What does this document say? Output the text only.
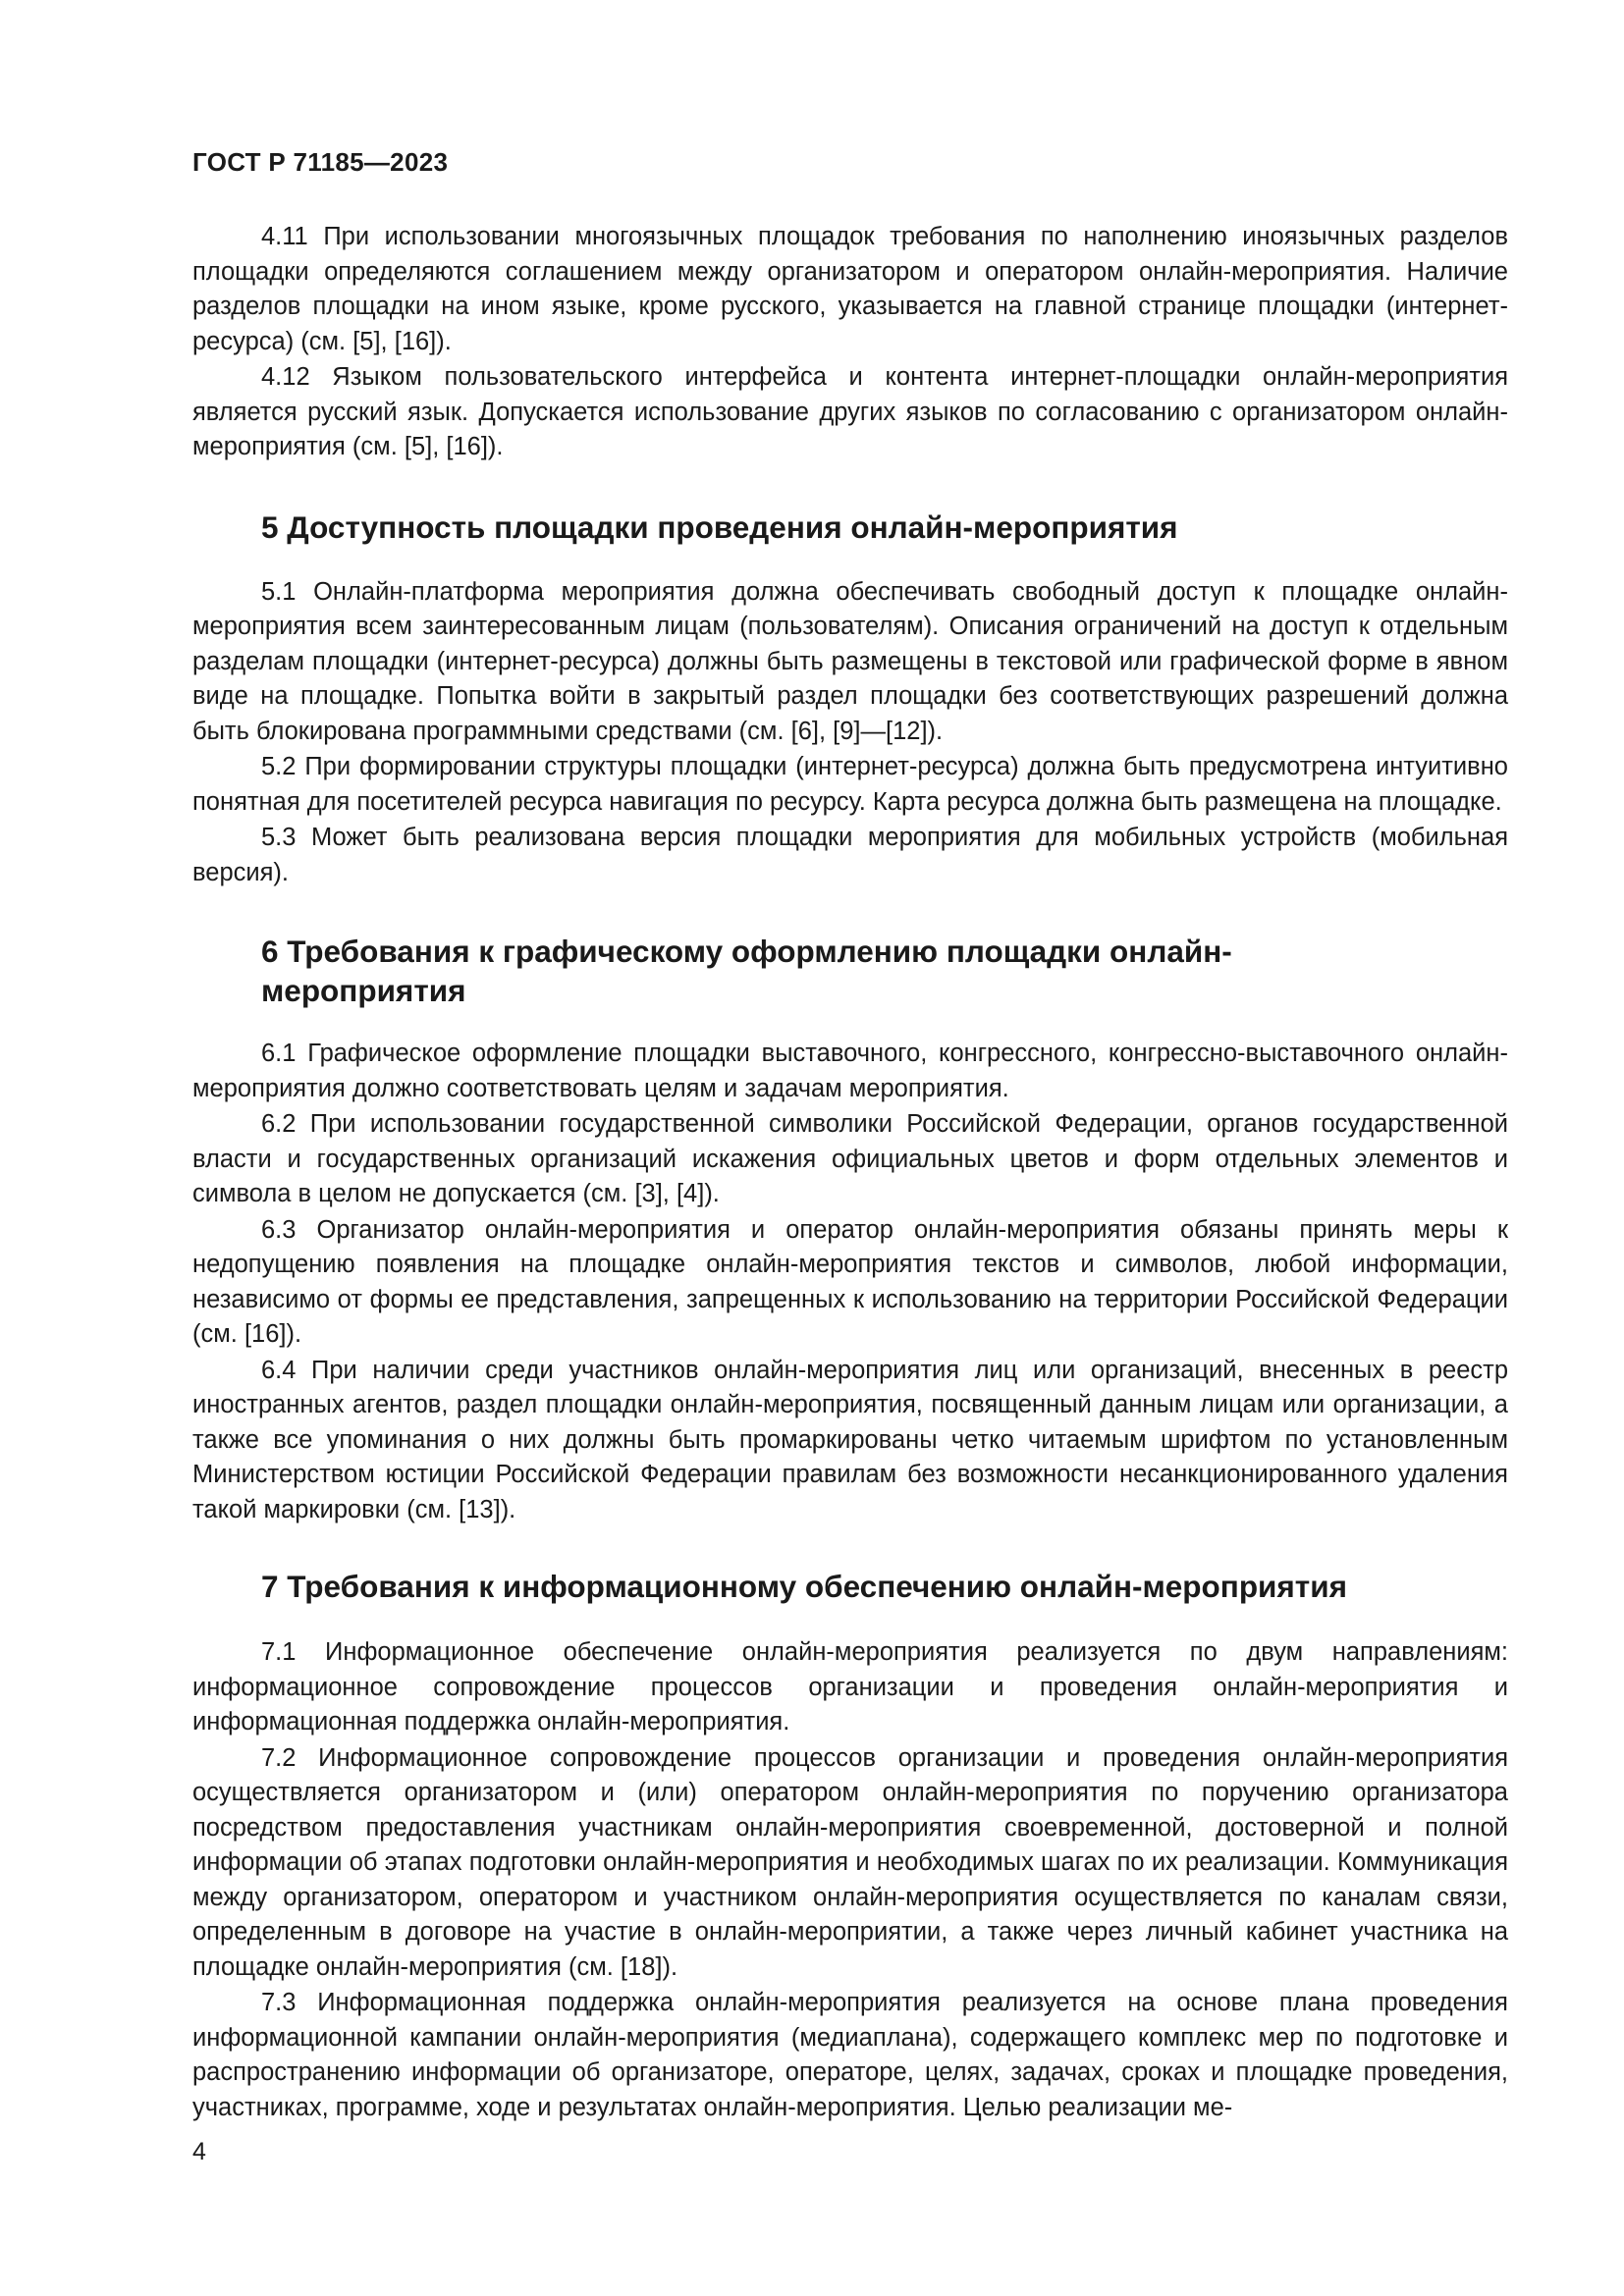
ГОСТ Р 71185—2023

4.11 При использовании многоязычных площадок требования по наполнению иноязычных разделов площадки определяются соглашением между организатором и оператором онлайн-мероприятия. Наличие разделов площадки на ином языке, кроме русского, указывается на главной странице площадки (интернет-ресурса) (см. [5], [16]).

4.12 Языком пользовательского интерфейса и контента интернет-площадки онлайн-мероприятия является русский язык. Допускается использование других языков по согласованию с организатором онлайн-мероприятия (см. [5], [16]).

5 Доступность площадки проведения онлайн-мероприятия

5.1 Онлайн-платформа мероприятия должна обеспечивать свободный доступ к площадке онлайн-мероприятия всем заинтересованным лицам (пользователям). Описания ограничений на доступ к отдельным разделам площадки (интернет-ресурса) должны быть размещены в текстовой или графической форме в явном виде на площадке. Попытка войти в закрытый раздел площадки без соответствующих разрешений должна быть блокирована программными средствами (см. [6], [9]—[12]).

5.2 При формировании структуры площадки (интернет-ресурса) должна быть предусмотрена интуитивно понятная для посетителей ресурса навигация по ресурсу. Карта ресурса должна быть размещена на площадке.

5.3 Может быть реализована версия площадки мероприятия для мобильных устройств (мобильная версия).

6 Требования к графическому оформлению площадки онлайн-мероприятия

6.1 Графическое оформление площадки выставочного, конгрессного, конгрессно-выставочного онлайн-мероприятия должно соответствовать целям и задачам мероприятия.

6.2 При использовании государственной символики Российской Федерации, органов государственной власти и государственных организаций искажения официальных цветов и форм отдельных элементов и символа в целом не допускается (см. [3], [4]).

6.3 Организатор онлайн-мероприятия и оператор онлайн-мероприятия обязаны принять меры к недопущению появления на площадке онлайн-мероприятия текстов и символов, любой информации, независимо от формы ее представления, запрещенных к использованию на территории Российской Федерации (см. [16]).

6.4 При наличии среди участников онлайн-мероприятия лиц или организаций, внесенных в реестр иностранных агентов, раздел площадки онлайн-мероприятия, посвященный данным лицам или организации, а также все упоминания о них должны быть промаркированы четко читаемым шрифтом по установленным Министерством юстиции Российской Федерации правилам без возможности несанкционированного удаления такой маркировки (см. [13]).

7 Требования к информационному обеспечению онлайн-мероприятия

7.1 Информационное обеспечение онлайн-мероприятия реализуется по двум направлениям: информационное сопровождение процессов организации и проведения онлайн-мероприятия и информационная поддержка онлайн-мероприятия.

7.2 Информационное сопровождение процессов организации и проведения онлайн-мероприятия осуществляется организатором и (или) оператором онлайн-мероприятия по поручению организатора посредством предоставления участникам онлайн-мероприятия своевременной, достоверной и полной информации об этапах подготовки онлайн-мероприятия и необходимых шагах по их реализации. Коммуникация между организатором, оператором и участником онлайн-мероприятия осуществляется по каналам связи, определенным в договоре на участие в онлайн-мероприятии, а также через личный кабинет участника на площадке онлайн-мероприятия (см. [18]).

7.3 Информационная поддержка онлайн-мероприятия реализуется на основе плана проведения информационной кампании онлайн-мероприятия (медиаплана), содержащего комплекс мер по подготовке и распространению информации об организаторе, операторе, целях, задачах, сроках и площадке проведения, участниках, программе, ходе и результатах онлайн-мероприятия. Целью реализации ме-

4
